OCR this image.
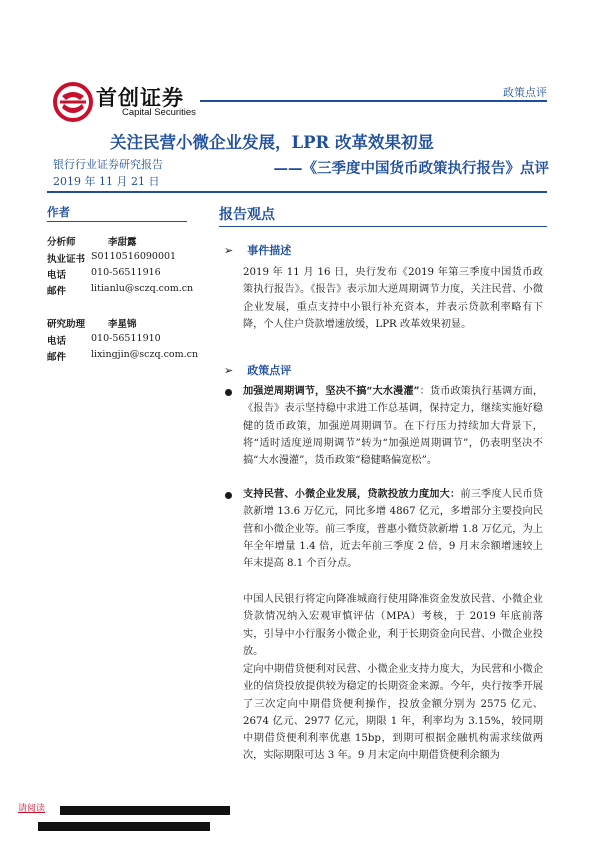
首创证券
Capital Securities
政策点评
关注民营小微企业发展，LPR 改革效果初显
银行行业证券研究报告
2019 年 11 月 21 日
——《三季度中国货币政策执行报告》点评
作者
分析师	李甜露
执业证书 S0110516090001
电话	010-56511916
邮件	litianlu@sczq.com.cn
研究助理 李星锦
电话	010-56511910
邮件	lixingjin@sczq.com.cn
报告观点
➢ 事件描述
2019 年 11 月 16 日，央行发布《2019 年第三季度中国货币政策执行报告》。《报告》表示加大逆周期调节力度，关注民营、小微企业发展，重点支持中小银行补充资本，并表示贷款利率略有下降，个人住户贷款增速放缓，LPR 改革效果初显。
➢ 政策点评
加强逆周期调节，坚决不搞“大水漫灌”：货币政策执行基调方面，《报告》表示坚持稳中求进工作总基调，保持定力，继续实施好稳健的货币政策，加强逆周期调节。在下行压力持续加大背景下，将“适时适度逆周期调节”转为“加强逆周期调节”，仍表明坚决不搞“大水漫灌”，货币政策“稳健略偏宽松”。
支持民营、小微企业发展，贷款投放力度加大：前三季度人民币贷款新增 13.6 万亿元，同比多增 4867 亿元，多增部分主要投向民营和小微企业等。前三季度，普惠小微贷款新增 1.8 万亿元，为上年全年增量 1.4 倍，近去年前三季度 2 倍，9 月末余额增速较上年末提高 8.1 个百分点。
中国人民银行将定向降准城商行使用降准资金发放民营、小微企业贷款情况纳入宏观审慎评估（MPA）考核，于 2019 年底前落实，引导中小行服务小微企业，利于长期资金向民营、小微企业投放。
定向中期借贷便利对民营、小微企业支持力度大，为民营和小微企业的信贷投放提供较为稳定的长期资金来源。今年，央行按季开展了三次定向中期借贷便利操作，投放金额分别为 2575 亿元、2674 亿元、2977 亿元，期限 1 年，利率均为 3.15%，较同期中期借贷便利利率优惠 15bp，到期可根据金融机构需求续做两次，实际期限可达 3 年。9 月末定向中期借贷便利余额为
请阅读
